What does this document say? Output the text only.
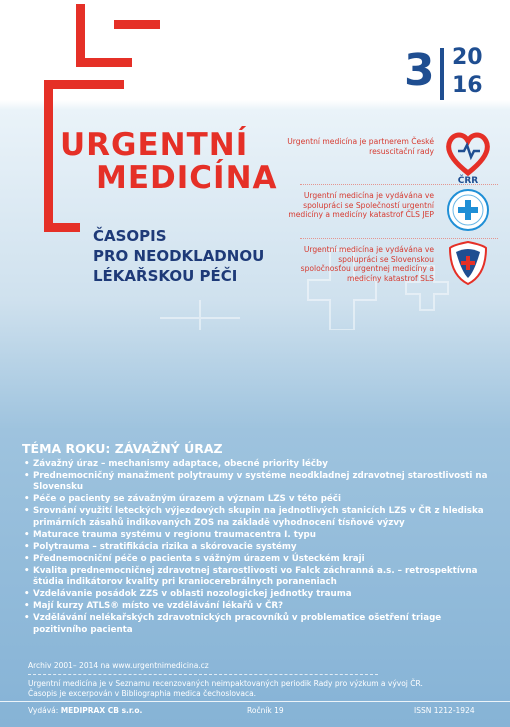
3 20
16
URGENTNÍ
MEDICÍNA
ČASOPIS
PRO NEODKLADNOU
LÉKAŘSKOU PÉČI
Urgentní medicína je partnerem České resuscitační rady
Urgentní medicína je vydávána ve spolupráci se Společností urgentní medicíny a medicíny katastrof ČLS JEP
Urgentní medicína je vydávána ve spolupráci se Slovenskou spoločnosťou urgentnej medicíny a medicíny katastrof SLS
ČRR
TÉMA ROKU: ZÁVAŽNÝ ÚRAZ
• Závažný úraz – mechanismy adaptace, obecné priority léčby
• Prednemocničný manažment polytraumy v systéme neodkladnej zdravotnej starostlivosti na Slovensku
• Péče o pacienty se závažným úrazem a význam LZS v této péči
• Srovnání využití leteckých výjezdových skupin na jednotlivých stanicích LZS v ČR z hlediska primárních zásahů indikovaných ZOS na základě vyhodnocení tísňové výzvy
• Maturace trauma systému v regionu traumacentra I. typu
• Polytrauma – stratifikácia rizika a skórovacie systémy
• Přednemocniční péče o pacienta s vážným úrazem v Ústeckém kraji
• Kvalita prednemocničnej zdravotnej starostlivosti vo Falck záchranná a.s. – retrospektívna štúdia indikátorov kvality pri kraniocerebrálnych poraneniach
• Vzdelávanie posádok ZZS v oblasti nozologickej jednotky trauma
• Mají kurzy ATLS® místo ve vzdělávání lékařů v ČR?
• Vzdělávání nelékařských zdravotnických pracovníků v problematice ošetření triage pozitivního pacienta
Archiv 2001– 2014 na www.urgentnimedicina.cz
Urgentní medicína je v Seznamu recenzovaných neimpaktovaných periodik Rady pro výzkum a vývoj ČR.
Časopis je excerpován v Bibliographia medica čechoslovaca.
Vydává: MEDIPRAX CB s.r.o.	Ročník 19	ISSN 1212-1924
